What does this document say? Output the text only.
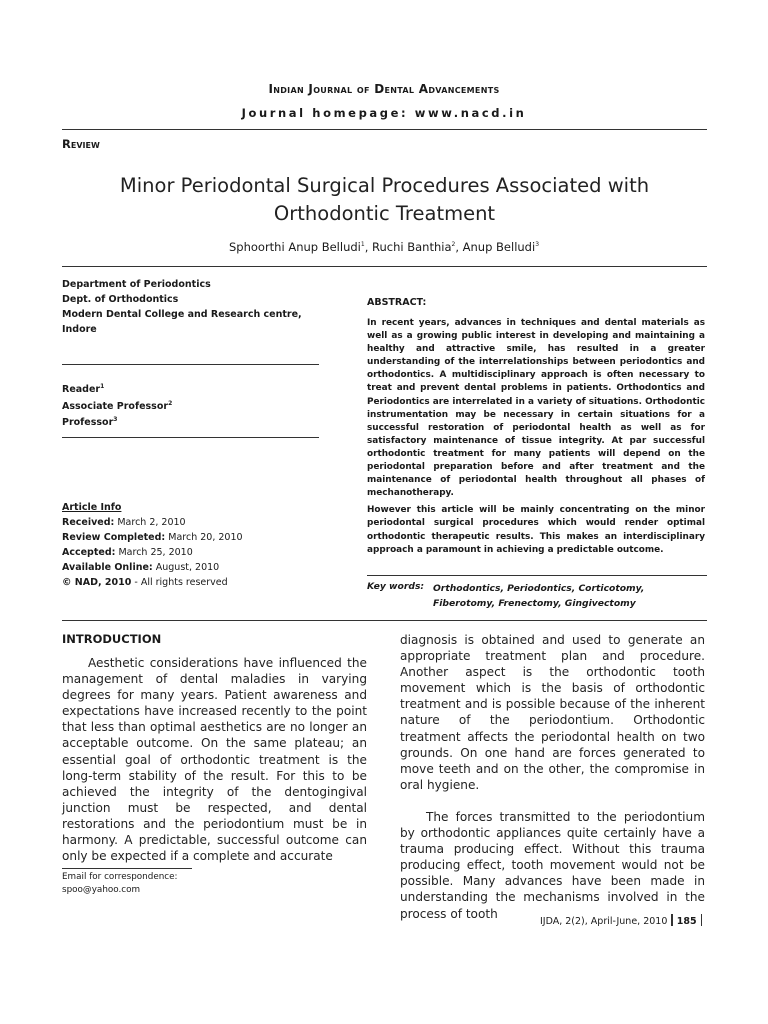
Indian Journal of Dental Advancements
Journal homepage: www.nacd.in
Review
Minor Periodontal Surgical Procedures Associated with Orthodontic Treatment
Sphoorthi Anup Belludi$^1$, Ruchi Banthia$^2$, Anup Belludi$^3$
Department of Periodontics
Dept. of Orthodontics
Modern Dental College and Research centre,
Indore
Reader$^1$
Associate Professor$^2$
Professor$^3$
Article Info
Received: March 2, 2010
Review Completed: March 20, 2010
Accepted: March 25, 2010
Available Online: August, 2010
© NAD, 2010 - All rights reserved
ABSTRACT:

In recent years, advances in techniques and dental materials as well as a growing public interest in developing and maintaining a healthy and attractive smile, has resulted in a greater understanding of the interrelationships between periodontics and orthodontics. A multidisciplinary approach is often necessary to treat and prevent dental problems in patients. Orthodontics and Periodontics are interrelated in a variety of situations. Orthodontic instrumentation may be necessary in certain situations for a successful restoration of periodontal health as well as for satisfactory maintenance of tissue integrity. At par successful orthodontic treatment for many patients will depend on the periodontal preparation before and after treatment and the maintenance of periodontal health throughout all phases of mechanotherapy.

However this article will be mainly concentrating on the minor periodontal surgical procedures which would render optimal orthodontic therapeutic results. This makes an interdisciplinary approach a paramount in achieving a predictable outcome.

Key words: Orthodontics, Periodontics, Corticotomy, Fiberotomy, Frenectomy, Gingivectomy
INTRODUCTION

Aesthetic considerations have influenced the management of dental maladies in varying degrees for many years. Patient awareness and expectations have increased recently to the point that less than optimal aesthetics are no longer an acceptable outcome. On the same plateau; an essential goal of orthodontic treatment is the long-term stability of the result. For this to be achieved the integrity of the dentogingival junction must be respected, and dental restorations and the periodontium must be in harmony. A predictable, successful outcome can only be expected if a complete and accurate

diagnosis is obtained and used to generate an appropriate treatment plan and procedure. Another aspect is the orthodontic tooth movement which is the basis of orthodontic treatment and is possible because of the inherent nature of the periodontium. Orthodontic treatment affects the periodontal health on two grounds. On one hand are forces generated to move teeth and on the other, the compromise in oral hygiene.

The forces transmitted to the periodontium by orthodontic appliances quite certainly have a trauma producing effect. Without this trauma producing effect, tooth movement would not be possible. Many advances have been made in understanding the mechanisms involved in the process of tooth

Email for correspondence:
spoo@yahoo.com
IJDA, 2(2), April-June, 2010 185
